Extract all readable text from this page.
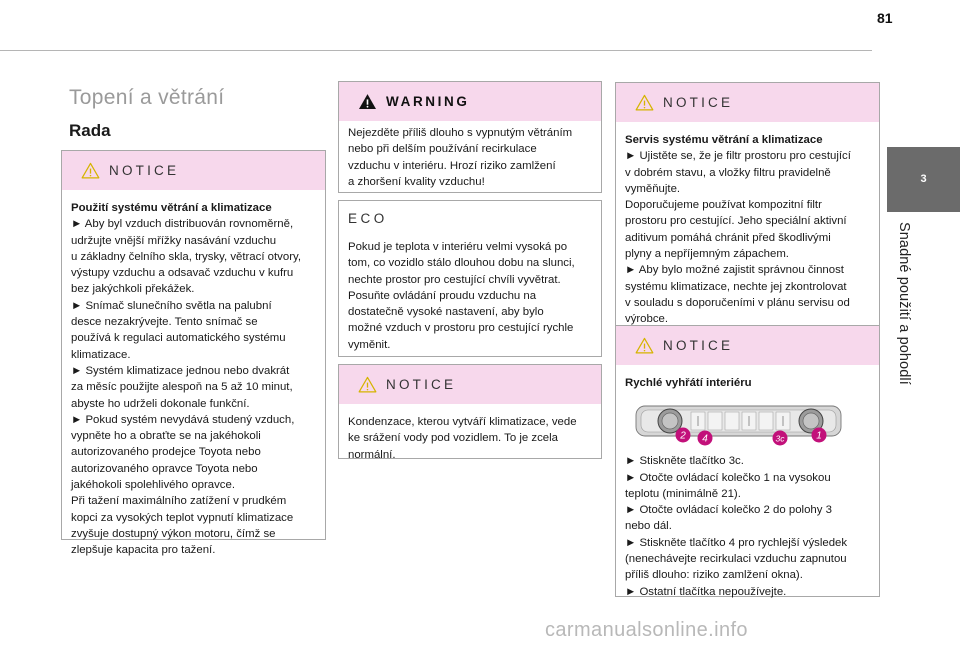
81
3
Snadné použití a pohodlí
Topení a větrání
Rada
NOTICE

Použití systému větrání a klimatizace

► Aby byl vzduch distribuován rovnoměrně,

udržujte vnější mřížky nasávání vzduchu

u základny čelního skla, trysky, větrací otvory,

výstupy vzduchu a odsavač vzduchu v kufru

bez jakýchkoli překážek.

► Snímač slunečního světla na palubní

desce nezakrývejte. Tento snímač se

používá k regulaci automatického systému

klimatizace.

► Systém klimatizace jednou nebo dvakrát

za měsíc použijte alespoň na 5 až 10 minut,

abyste ho udrželi dokonale funkční.

► Pokud systém nevydává studený vzduch,

vypněte ho a obraťte se na jakéhokoli

autorizovaného prodejce Toyota nebo

autorizovaného opravce Toyota nebo

jakéhokoli spolehlivého opravce.

Při tažení maximálního zatížení v prudkém

kopci za vysokých teplot vypnutí klimatizace

zvyšuje dostupný výkon motoru, čímž se

zlepšuje kapacita pro tažení.

WARNING

Nejezděte příliš dlouho s vypnutým větráním

nebo při delším používání recirkulace

vzduchu v interiéru. Hrozí riziko zamlžení

a zhoršení kvality vzduchu!

ECO

Pokud je teplota v interiéru velmi vysoká po

tom, co vozidlo stálo dlouhou dobu na slunci,

nechte prostor pro cestující chvíli vyvětrat.

Posuňte ovládání proudu vzduchu na

dostatečně vysoké nastavení, aby bylo

možné vzduch v prostoru pro cestující rychle

vyměnit.

NOTICE

Kondenzace, kterou vytváří klimatizace, vede

ke srážení vody pod vozidlem. To je zcela

normální.

NOTICE

Servis systému větrání a klimatizace

► Ujistěte se, že je filtr prostoru pro cestující

v dobrém stavu, a vložky filtru pravidelně

vyměňujte.

Doporučujeme používat kompozitní filtr

prostoru pro cestující. Jeho speciální aktivní

aditivum pomáhá chránit před škodlivými

plyny a nepříjemným zápachem.

► Aby bylo možné zajistit správnou činnost

systému klimatizace, nechte jej zkontrolovat

v souladu s doporučeními v plánu servisu od

výrobce.

NOTICE

Rychlé vyhřátí interiéru

2 4	3c	1

► Stiskněte tlačítko 3c.

► Otočte ovládací kolečko 1 na vysokou

teplotu (minimálně 21).

► Otočte ovládací kolečko 2 do polohy 3

nebo dál.

► Stiskněte tlačítko 4 pro rychlejší výsledek

(nenechávejte recirkulaci vzduchu zapnutou

příliš dlouho: riziko zamlžení okna).

► Ostatní tlačítka nepoužívejte.

carmanualsonline.info
